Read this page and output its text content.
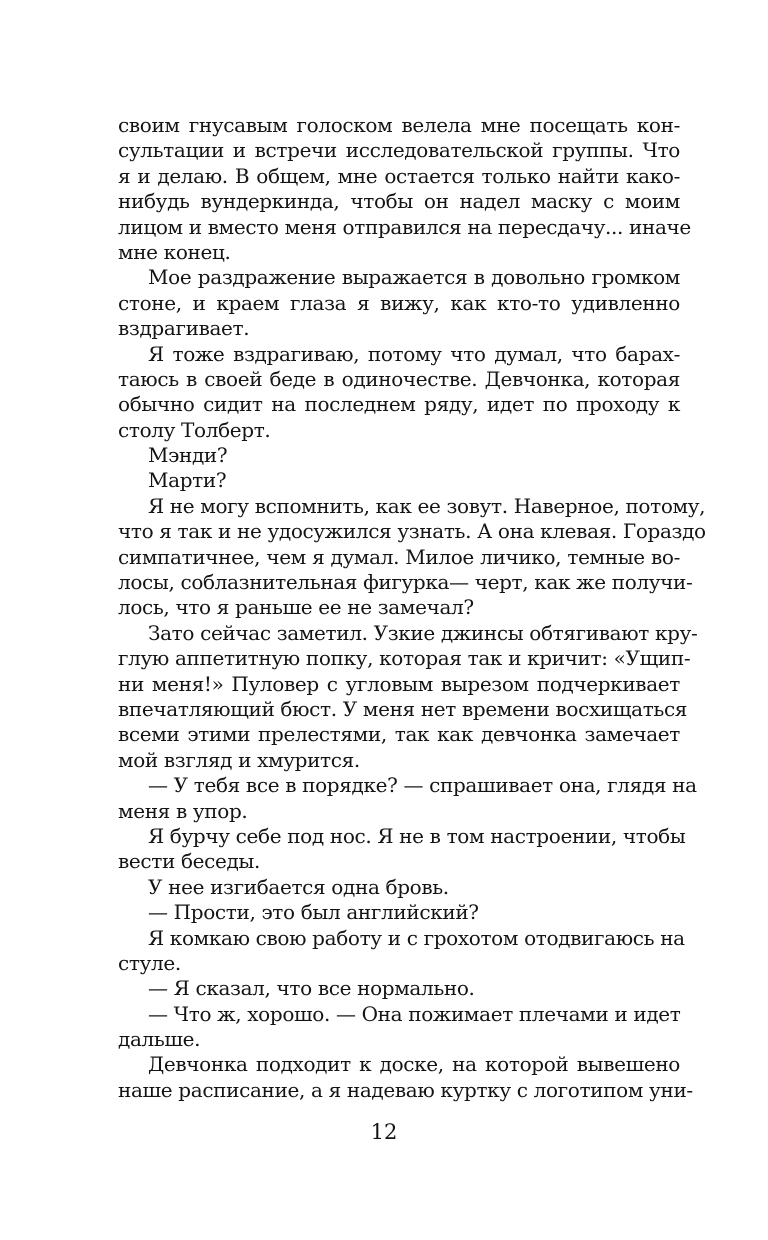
своим гнусавым голоском велела мне посещать кон-
сультации и встречи исследовательской группы. Что
я и делаю. В общем, мне остается только найти како-
нибудь вундеркинда, чтобы он надел маску с моим
лицом и вместо меня отправился на пересдачу... иначе
мне конец.
Мое раздражение выражается в довольно громком
стоне, и краем глаза я вижу, как кто-то удивленно
вздрагивает.
Я тоже вздрагиваю, потому что думал, что барах-
таюсь в своей беде в одиночестве. Девчонка, которая
обычно сидит на последнем ряду, идет по проходу к
столу Толберт.
Мэнди?
Марти?
Я не могу вспомнить, как ее зовут. Наверное, потому,
что я так и не удосужился узнать. А она клевая. Гораздо
симпатичнее, чем я думал. Милое личико, темные во-
лосы, соблазнительная фигурка— черт, как же получи-
лось, что я раньше ее не замечал?
Зато сейчас заметил. Узкие джинсы обтягивают кру-
глую аппетитную попку, которая так и кричит: «Ущип-
ни меня!» Пуловер с угловым вырезом подчеркивает
впечатляющий бюст. У меня нет времени восхищаться
всеми этими прелестями, так как девчонка замечает
мой взгляд и хмурится.
— У тебя все в порядке? — спрашивает она, глядя на
меня в упор.
Я бурчу себе под нос. Я не в том настроении, чтобы
вести беседы.
У нее изгибается одна бровь.
— Прости, это был английский?
Я комкаю свою работу и с грохотом отодвигаюсь на
стуле.
— Я сказал, что все нормально.
— Что ж, хорошо. — Она пожимает плечами и идет
дальше.
Девчонка подходит к доске, на которой вывешено
наше расписание, а я надеваю куртку с логотипом уни-
12
